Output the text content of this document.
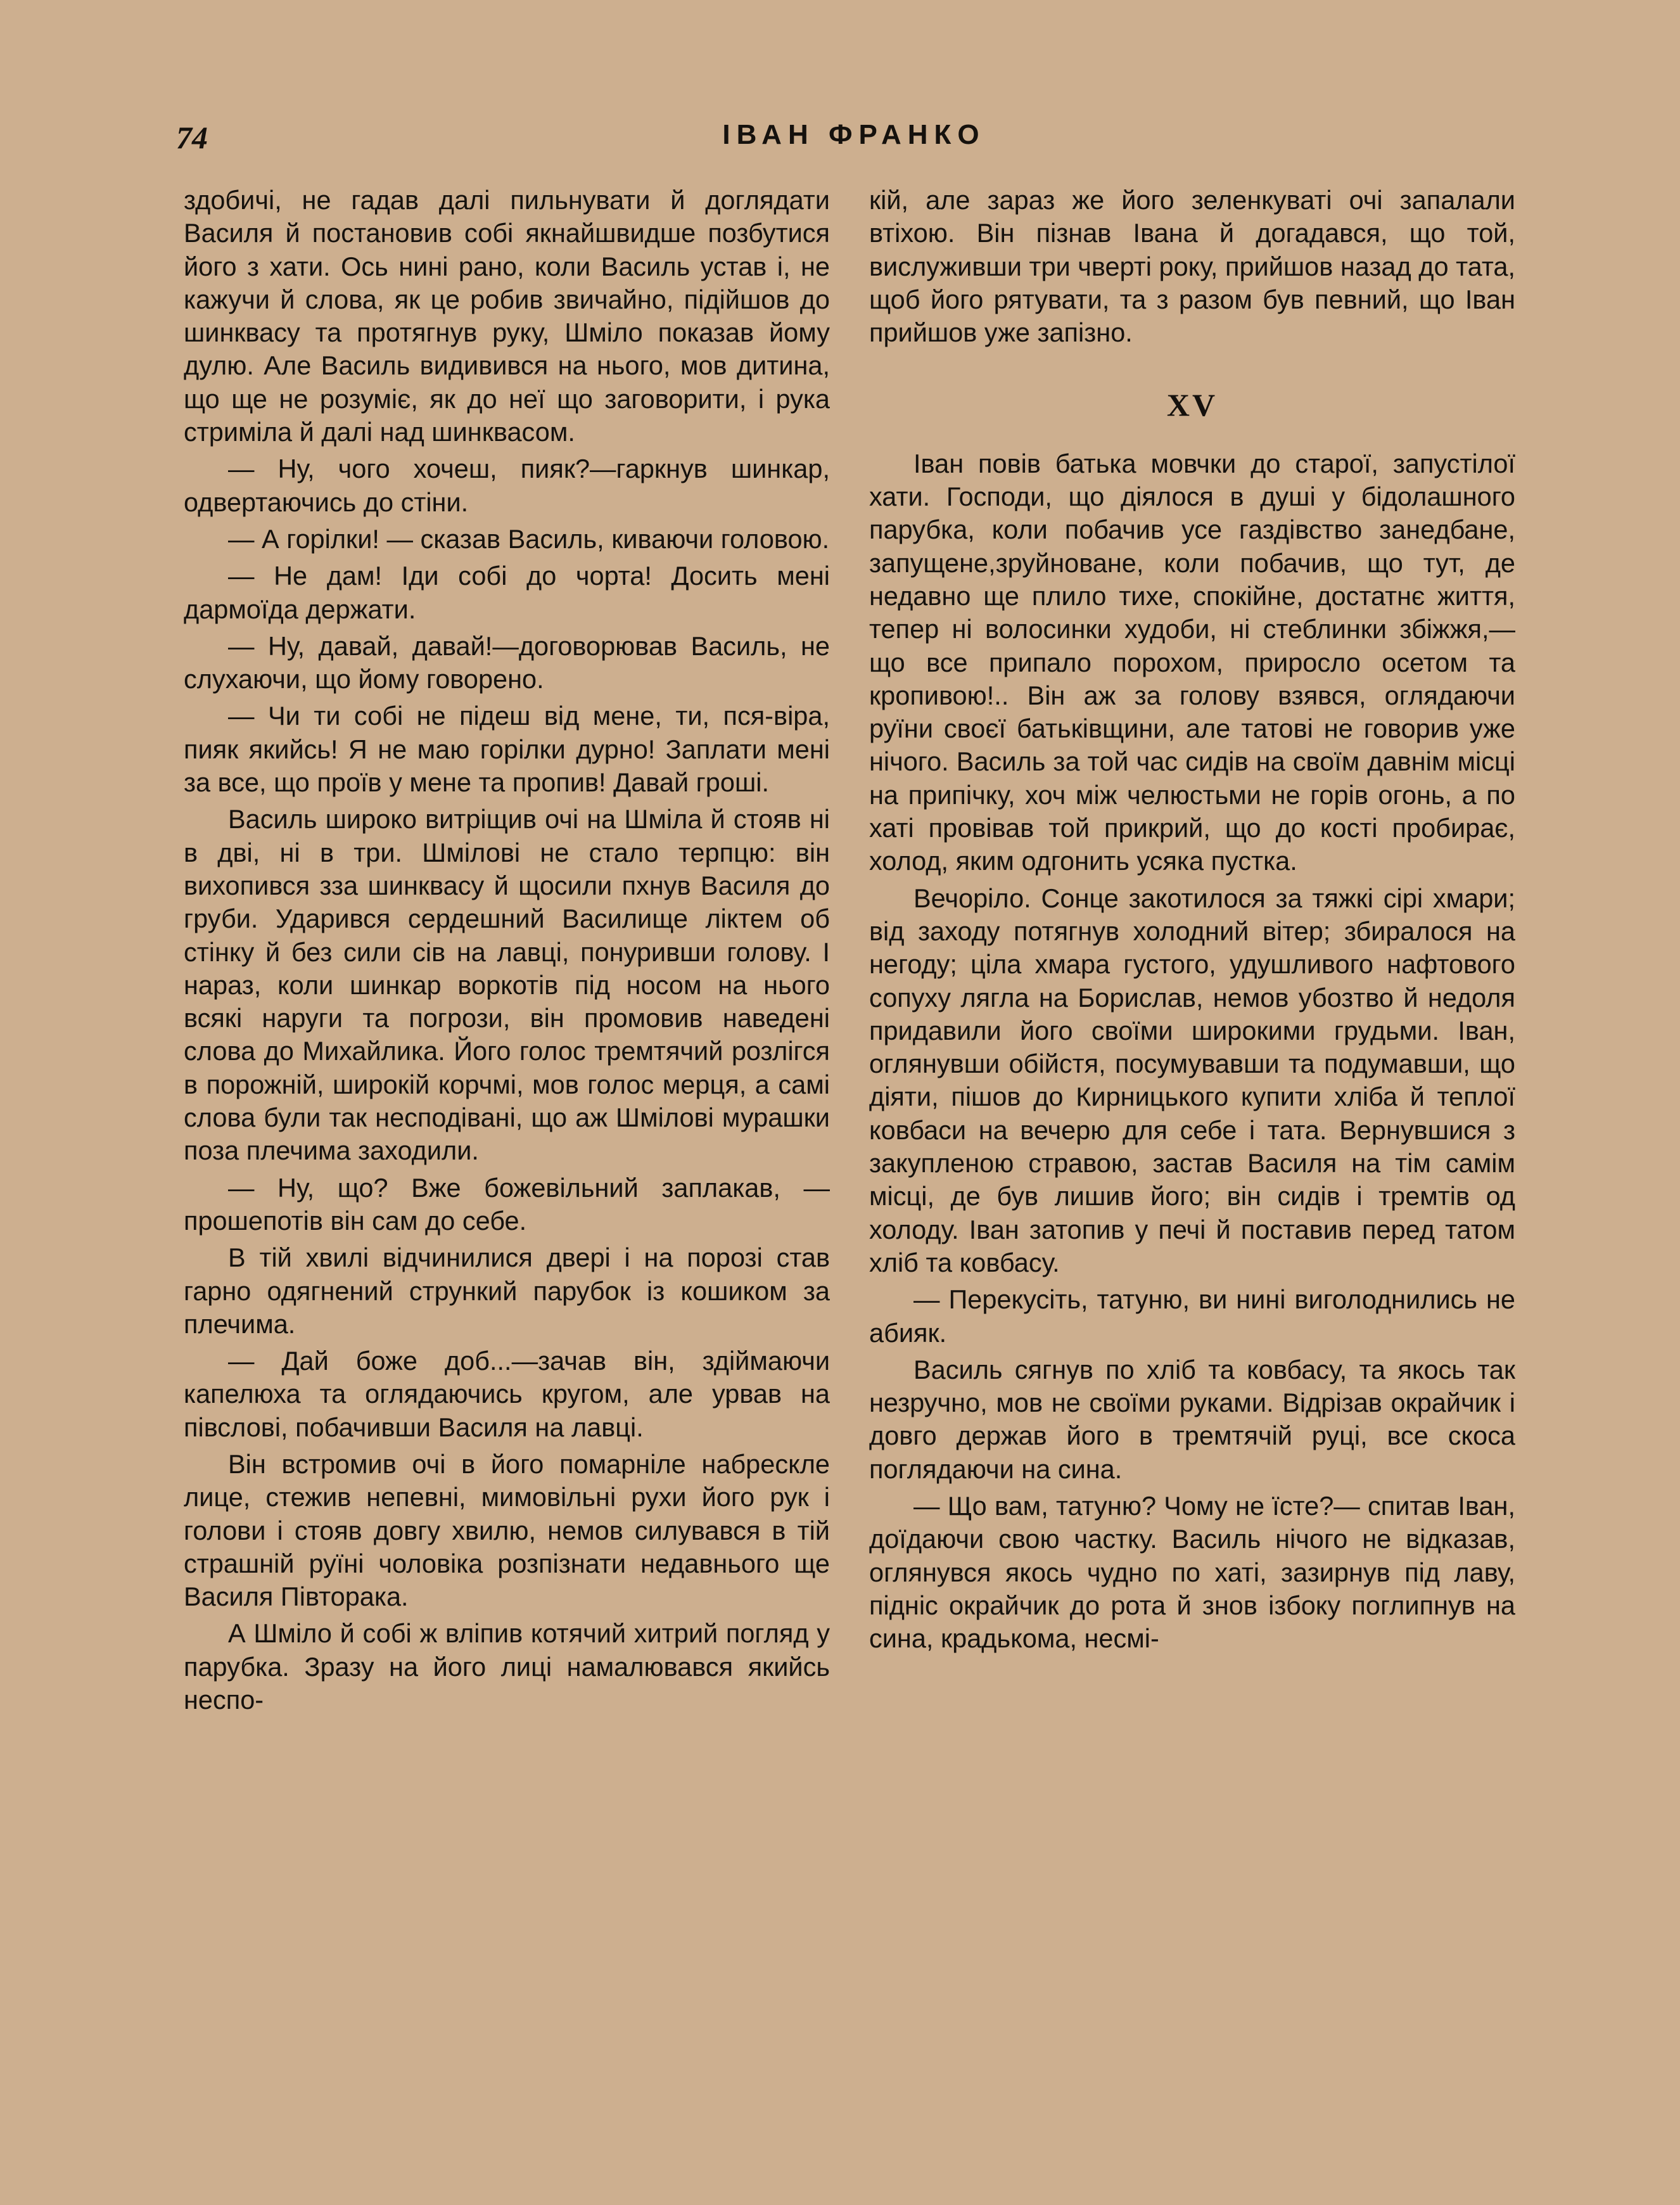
74	ІВАН ФРАНКО

здобичі, не гадав далі пильнувати й доглядати Василя й постановив собі якнайшвидше позбутися його з хати. Ось нині рано, коли Василь устав і, не кажучи й слова, як це робив звичайно, підійшов до шинквасу та протягнув руку, Шміло показав йому дулю. Але Василь видивився на нього, мов дитина, що ще не розуміє, як до неї що заговорити, і рука стриміла й далі над шинквасом.

— Ну, чого хочеш, пияк?—гаркнув шинкар, одвертаючись до стіни.

— А горілки! — сказав Василь, киваючи головою.

— Не дам! Іди собі до чорта! Досить мені дармоїда держати.

— Ну, давай, давай!—договорював Василь, не слухаючи, що йому говорено.

— Чи ти собі не підеш від мене, ти, пся-віра, пияк якийсь! Я не маю горілки дурно! Заплати мені за все, що проїв у мене та пропив! Давай гроші.

Василь широко витріщив очі на Шміла й стояв ні в дві, ні в три. Шмілові не стало терпцю: він вихопився зза шинквасу й щосили пхнув Василя до груби. Ударився сердешний Василище ліктем об стінку й без сили сів на лавці, понуривши голову. І нараз, коли шинкар воркотів під носом на нього всякі наруги та погрози, він промовив наведені слова до Михайлика. Його голос тремтячий розлігся в порожній, широкій корчмі, мов голос мерця, а самі слова були так несподівані, що аж Шмілові мурашки поза плечима заходили.

— Ну, що? Вже божевільний заплакав, — прошепотів він сам до себе.

В тій хвилі відчинилися двері і на порозі став гарно одягнений стрункий парубок із кошиком за плечима.

— Дай боже доб...—зачав він, здіймаючи капелюха та оглядаючись кругом, але урвав на півслові, побачивши Василя на лавці.

Він встромив очі в його помарніле набрескле лице, стежив непевні, мимовільні рухи його рук і голови і стояв довгу хвилю, немов силувався в тій страшній руїні чоловіка розпізнати недавнього ще Василя Півторака.

А Шміло й собі ж вліпив котячий хитрий погляд у парубка. Зразу на його лиці намалювався якийсь неспо-

кій, але зараз же його зеленкуваті очі запалали втіхою. Він пізнав Івана й догадався, що той, вислуживши три чверті року, прийшов назад до тата, щоб його рятувати, та з разом був певний, що Іван прийшов уже запізно.

XV

Іван повів батька мовчки до старої, запустілої хати. Господи, що діялося в душі у бідолашного парубка, коли побачив усе газдівство занедбане, запущене,зруйноване, коли побачив, що тут, де недавно ще плило тихе, спокійне, достатнє життя, тепер ні волосинки худоби, ні стеблинки збіжжя,— що все припало порохом, приросло осетом та кропивою!.. Він аж за голову взявся, оглядаючи руїни своєї батьківщини, але татові не говорив уже нічого. Василь за той час сидів на своїм давнім місці на припічку, хоч між челюстьми не горів огонь, а по хаті провівав той прикрий, що до кості пробирає, холод, яким одгонить усяка пустка.

Вечоріло. Сонце закотилося за тяжкі сірі хмари; від заходу потягнув холодний вітер; збиралося на негоду; ціла хмара густого, удушливого нафтового сопуху лягла на Борислав, немов убозтво й недоля придавили його своїми широкими грудьми. Іван, оглянувши обійстя, посумувавши та подумавши, що діяти, пішов до Кирницького купити хліба й теплої ковбаси на вечерю для себе і тата. Вернувшися з закупленою стравою, застав Василя на тім самім місці, де був лишив його; він сидів і тремтів од холоду. Іван затопив у печі й поставив перед татом хліб та ковбасу.

— Перекусіть, татуню, ви нині виголоднились не абияк.

Василь сягнув по хліб та ковбасу, та якось так незручно, мов не своїми руками. Відрізав окрайчик і довго держав його в тремтячій руці, все скоса поглядаючи на сина.

— Що вам, татуню? Чому не їсте?— спитав Іван, доїдаючи свою частку. Василь нічого не відказав, оглянувся якось чудно по хаті, зазирнув під лаву, підніс окрайчик до рота й знов ізбоку поглипнув на сина, крадькома, несмі-
